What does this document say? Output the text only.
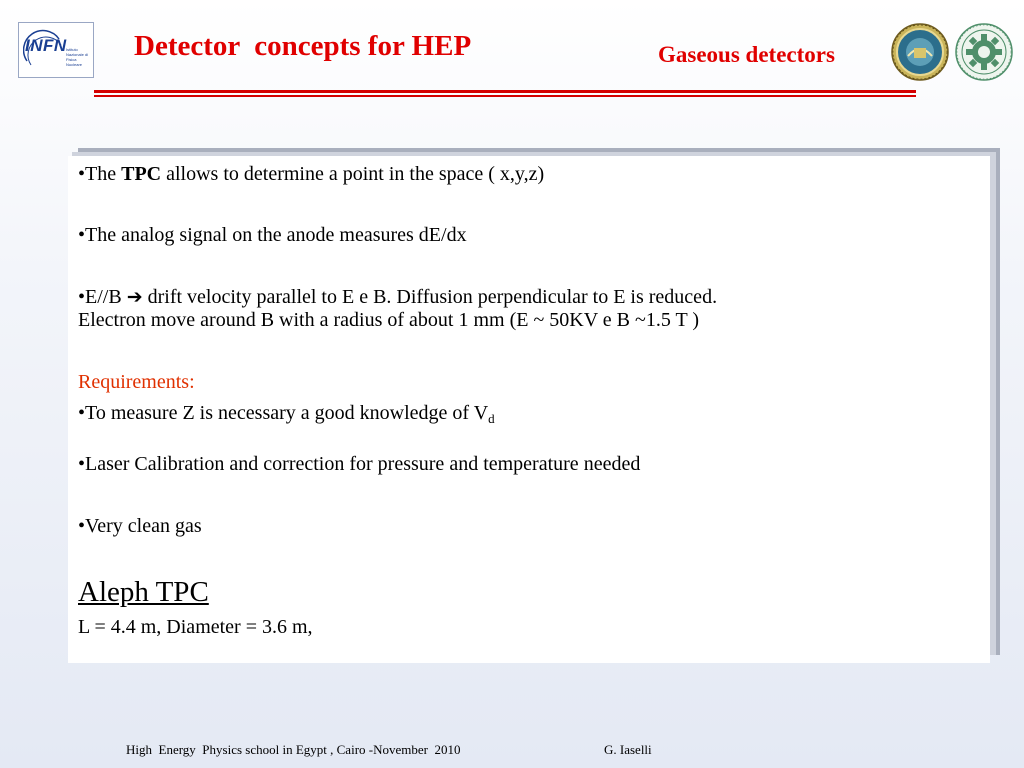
INFN Istituto Nazionale di Fisica Nucleare
Detector  concepts for HEP	Gaseous detectors
•The TPC allows to determine a point in the space ( x,y,z)
•The analog signal on the anode measures dE/dx
•E//B ➔ drift velocity parallel to E e B. Diffusion perpendicular to E is reduced.
Electron move around B with a radius of about 1 mm (E ~ 50KV e B ~1.5 T )
Requirements:
•To measure Z is necessary a good knowledge of $V_d$
•Laser Calibration and correction for pressure and temperature needed
•Very clean gas
Aleph TPC
L = 4.4 m, Diameter = 3.6 m,
High  Energy  Physics school in Egypt , Cairo -November  2010	G. Iaselli
